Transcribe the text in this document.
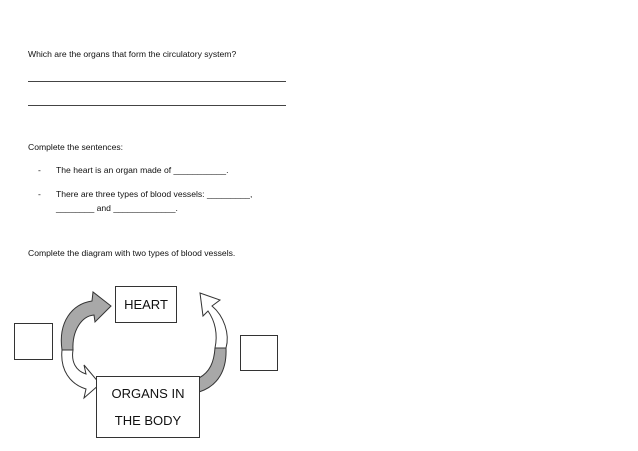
Which are the organs that form the circulatory system?
Complete the sentences:
- The heart is an organ made of ___________.
- There are three types of blood vessels: _________,
________ and _____________.
Complete the diagram with two types of blood vessels.
HEART
ORGANS IN
THE BODY
